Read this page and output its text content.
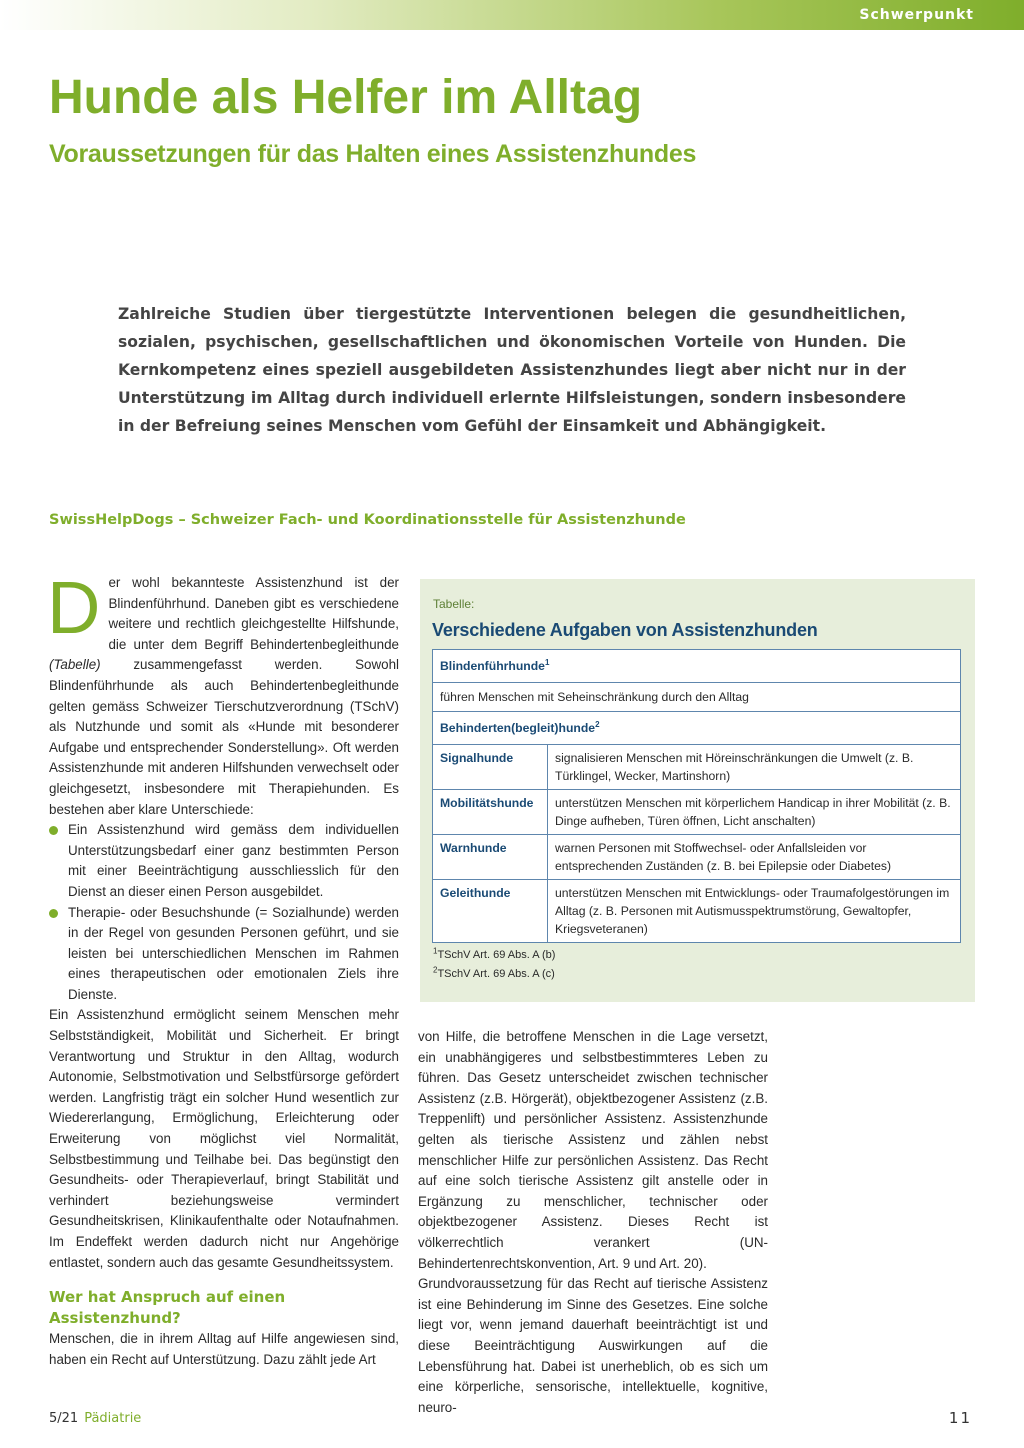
Schwerpunkt
Hunde als Helfer im Alltag
Voraussetzungen für das Halten eines Assistenzhundes

Zahlreiche Studien über tiergestützte Interventionen belegen die gesundheitlichen, sozialen, psychischen, gesellschaftlichen und ökonomischen Vorteile von Hunden. Die Kernkompetenz eines speziell ausgebildeten Assistenzhundes liegt aber nicht nur in der Unterstützung im Alltag durch individuell erlernte Hilfsleistungen, sondern insbesondere in der Befreiung seines Menschen vom Gefühl der Einsamkeit und Abhängigkeit.

SwissHelpDogs – Schweizer Fach- und Koordinationsstelle für Assistenzhunde

D er wohl bekannteste Assistenzhund ist der Blindenführhund. Daneben gibt es verschiedene weitere und rechtlich gleichgestellte Hilfshunde, die unter dem Begriff Behindertenbegleithunde (Tabelle) zusammengefasst werden. Sowohl Blindenführhunde als auch Behindertenbegleithunde gelten gemäss Schweizer Tierschutzverordnung (TSchV) als Nutzhunde und somit als «Hunde mit besonderer Aufgabe und entsprechender Sonderstellung». Oft werden Assistenzhunde mit anderen Hilfshunden verwechselt oder gleichgesetzt, insbesondere mit Therapiehunden. Es bestehen aber klare Unterschiede:

Ein Assistenzhund wird gemäss dem individuellen Unterstützungsbedarf einer ganz bestimmten Person mit einer Beeinträchtigung ausschliesslich für den Dienst an dieser einen Person ausgebildet.
Therapie- oder Besuchshunde (= Sozialhunde) werden in der Regel von gesunden Personen geführt, und sie leisten bei unterschiedlichen Menschen im Rahmen eines therapeutischen oder emotionalen Ziels ihre Dienste.

Ein Assistenzhund ermöglicht seinem Menschen mehr Selbstständigkeit, Mobilität und Sicherheit. Er bringt Verantwortung und Struktur in den Alltag, wodurch Autonomie, Selbstmotivation und Selbstfürsorge gefördert werden. Langfristig trägt ein solcher Hund wesentlich zur Wiedererlangung, Ermöglichung, Erleichterung oder Erweiterung von möglichst viel Normalität, Selbstbestimmung und Teilhabe bei. Das begünstigt den Gesundheits- oder Therapieverlauf, bringt Stabilität und verhindert beziehungsweise vermindert Gesundheitskrisen, Klinikaufenthalte oder Notaufnahmen. Im Endeffekt werden dadurch nicht nur Angehörige entlastet, sondern auch das gesamte Gesundheitssystem.

Wer hat Anspruch auf einen Assistenzhund?

Menschen, die in ihrem Alltag auf Hilfe angewiesen sind, haben ein Recht auf Unterstützung. Dazu zählt jede Art

von Hilfe, die betroffene Menschen in die Lage versetzt, ein unabhängigeres und selbstbestimmteres Leben zu führen. Das Gesetz unterscheidet zwischen technischer Assistenz (z.B. Hörgerät), objektbezogener Assistenz (z.B. Treppenlift) und persönlicher Assistenz. Assistenzhunde gelten als tierische Assistenz und zählen nebst menschlicher Hilfe zur persönlichen Assistenz. Das Recht auf eine solch tierische Assistenz gilt anstelle oder in Ergänzung zu menschlicher, technischer oder objektbezogener Assistenz. Dieses Recht ist völkerrechtlich verankert (UN-Behindertenrechtskonvention, Art. 9 und Art. 20).

Grundvoraussetzung für das Recht auf tierische Assistenz ist eine Behinderung im Sinne des Gesetzes. Eine solche liegt vor, wenn jemand dauerhaft beeinträchtigt ist und diese Beeinträchtigung Auswirkungen auf die Lebensführung hat. Dabei ist unerheblich, ob es sich um eine körperliche, sensorische, intellektuelle, kognitive, neuro-

Tabelle:
Verschiedene Aufgaben von Assistenzhunden
Blindenführhunde$^1$
führen Menschen mit Seheinschränkung durch den Alltag	
Behinderten(begleit)hunde$^2$
Signalhunde	signalisieren Menschen mit Höreinschränkungen die Umwelt (z. B. Türklingel, Wecker, Martinshorn)
Mobilitätshunde	unterstützen Menschen mit körperlichem Handicap in ihrer Mobilität (z. B. Dinge aufheben, Türen öffnen, Licht anschalten)
Warnhunde	warnen Personen mit Stoffwechsel- oder Anfallsleiden vor entsprechenden Zuständen (z. B. bei Epilepsie oder Diabetes)
Geleithunde	unterstützen Menschen mit Entwicklungs- oder Traumafolgestörungen im Alltag (z. B. Personen mit Autismusspektrumstörung, Gewaltopfer, Kriegsveteranen)
$^1$TSchV Art. 69 Abs. A (b)
$^2$TSchV Art. 69 Abs. A (c)
5/21 Pädiatrie	11
